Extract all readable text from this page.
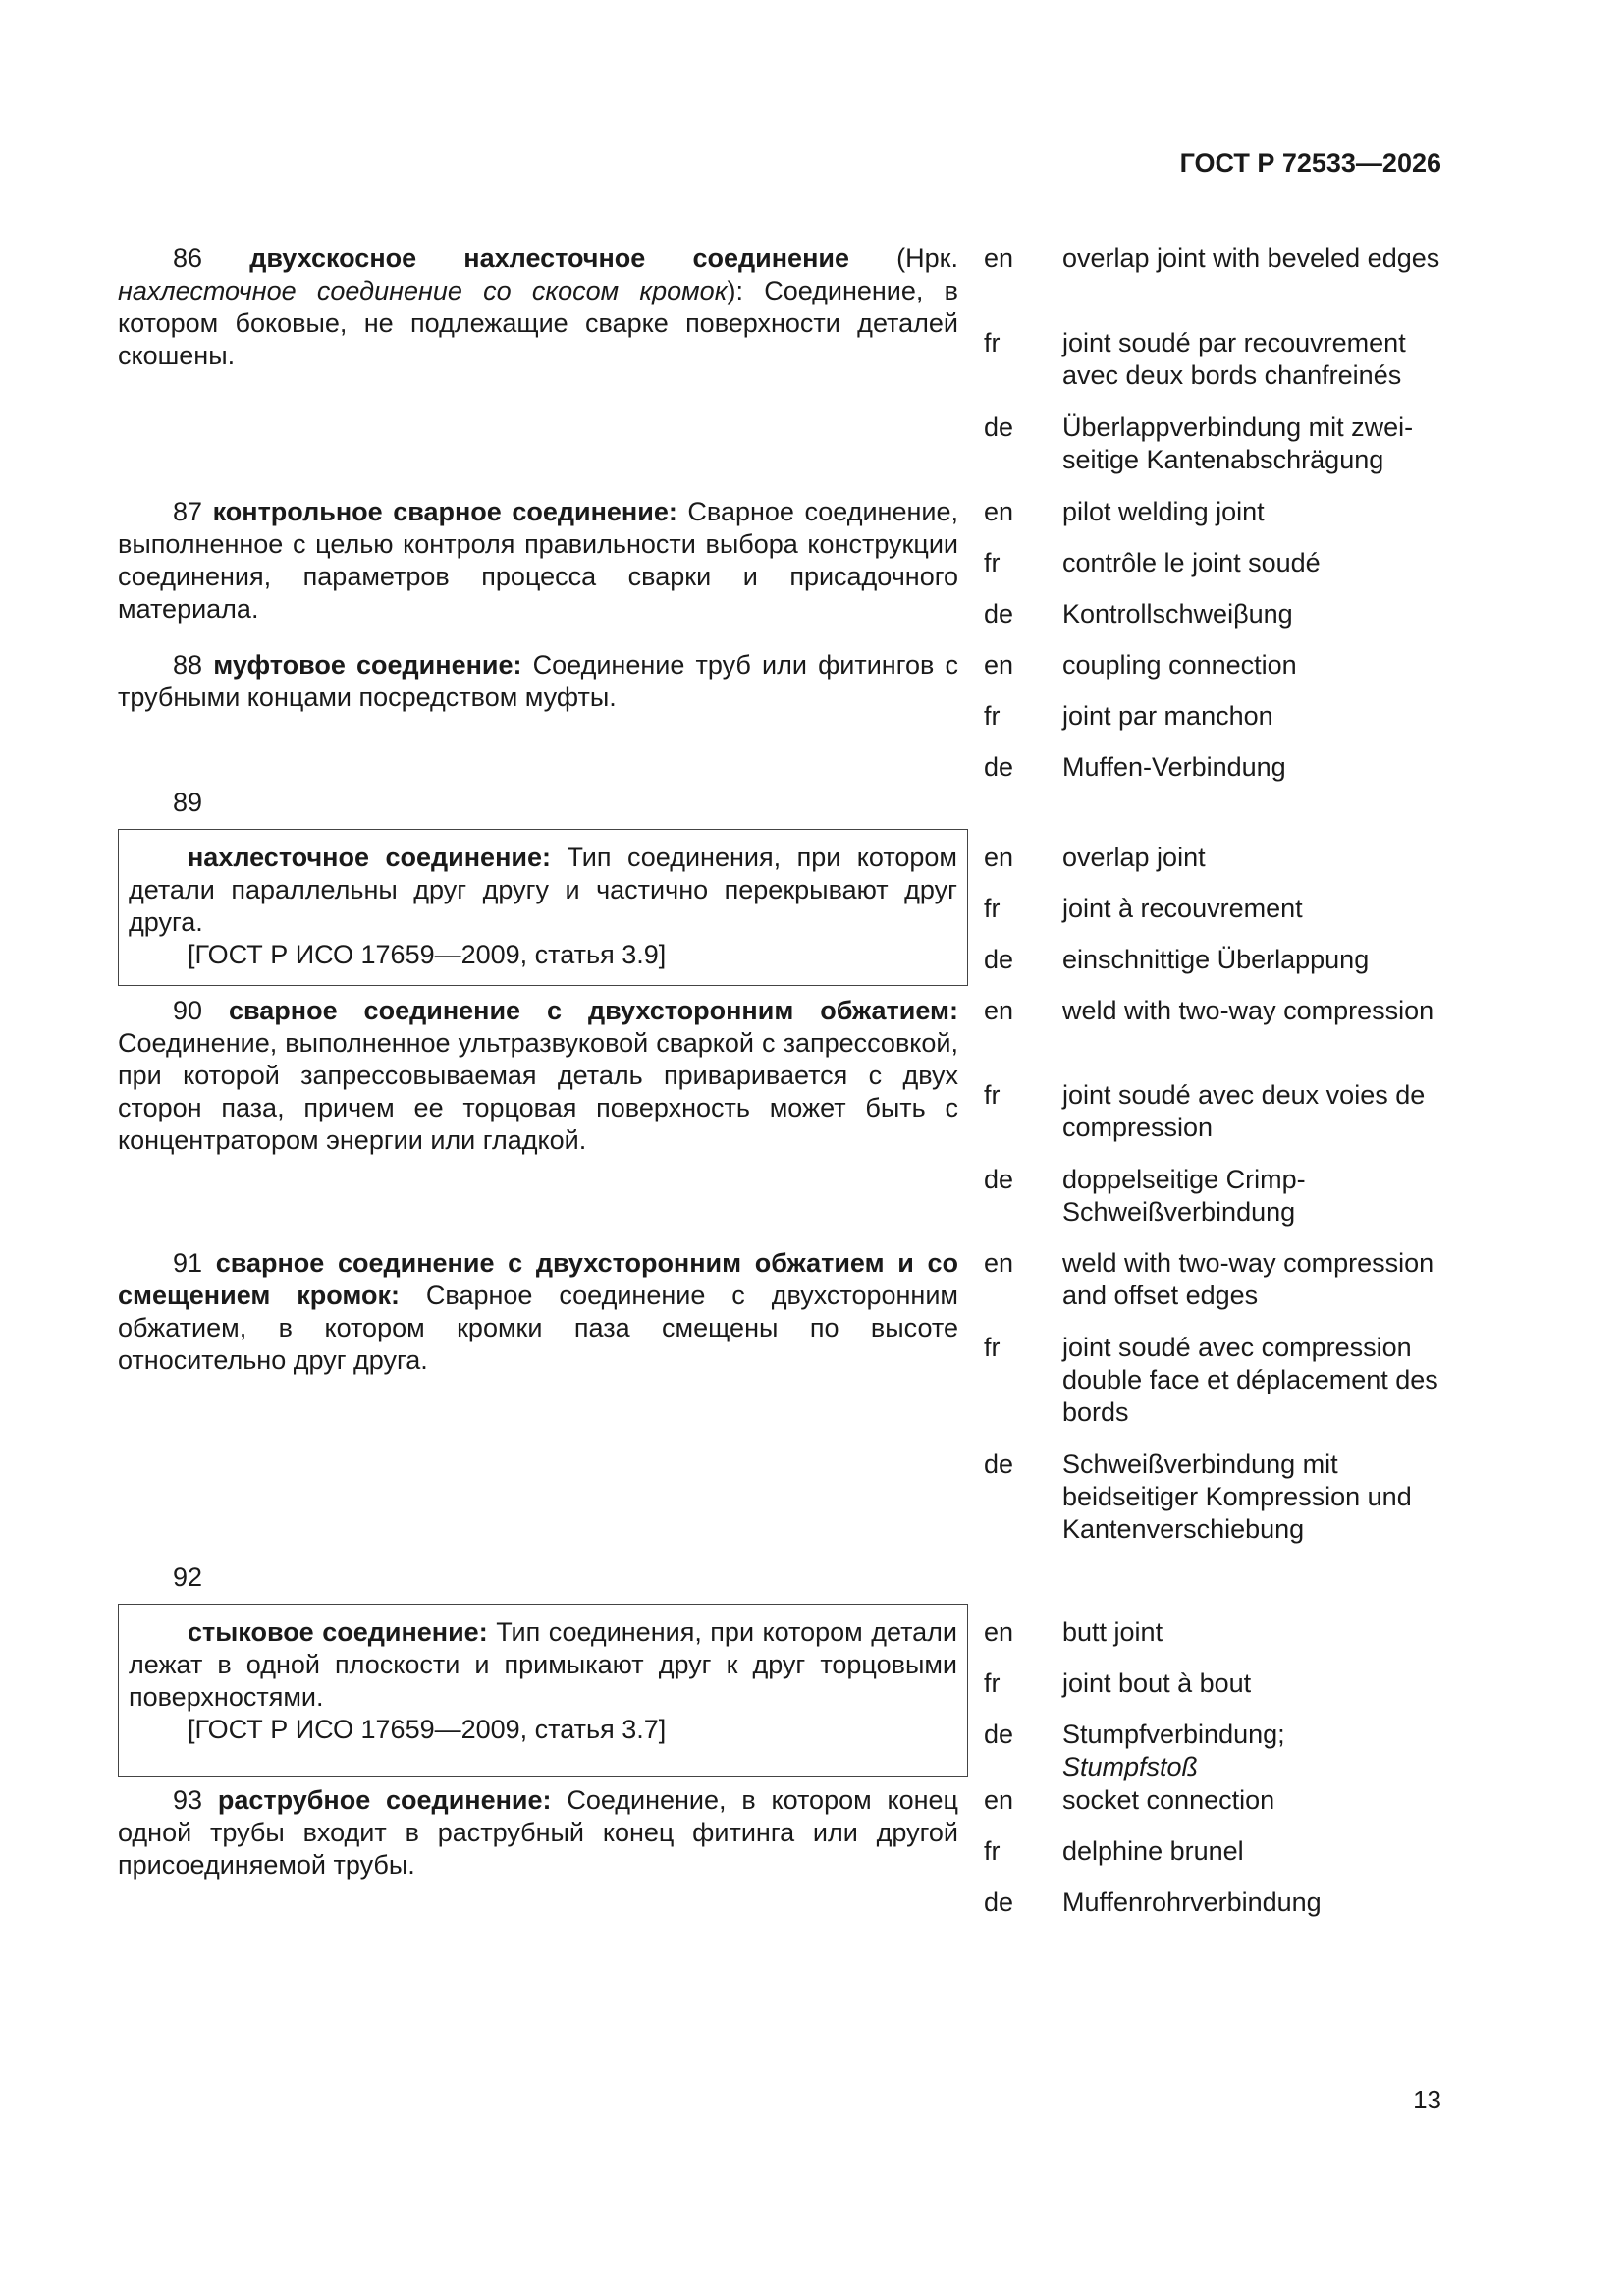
ГОСТ Р 72533—2026

86 двухскосное нахлесточное соединение (Нрк. нахлесточное соединение со скосом кромок): Соединение, в котором боковые, не подлежащие сварке поверхности деталей скошены.

en	overlap joint with beveled edges
fr	joint soudé par recouvrement avec deux bords chanfreinés
de	Überlappverbindung mit zwei-seitige Kantenabschrägung

87 контрольное сварное соединение: Сварное соединение, выполненное с целью контроля правильности выбора конструкции соединения, параметров процесса сварки и присадочного материала.

en	pilot welding joint
fr	contrôle le joint soudé
de	Kontrollschweiβung

88 муфтовое соединение: Соединение труб или фитингов с трубными концами посредством муфты.

en	coupling connection
fr	joint par manchon
de	Muffen-Verbindung
89

нахлесточное соединение: Тип соединения, при котором детали параллельны друг другу и частично перекрывают друг друга.

[ГОСТ Р ИСО 17659—2009, статья 3.9]

en	overlap joint
fr	joint à recouvrement
de	einschnittige Überlappung

90 сварное соединение с двухсторонним обжатием: Соединение, выполненное ультразвуковой сваркой с запрессовкой, при которой запрессовываемая деталь приваривается с двух сторон паза, причем ее торцовая поверхность может быть с концентратором энергии или гладкой.

en	weld with two-way compression
fr	joint soudé avec deux voies de compression
de	doppelseitige Crimp-Schweißverbindung

91 сварное соединение с двухсторонним обжатием и со смещением кромок: Сварное соединение с двухсторонним обжатием, в котором кромки паза смещены по высоте относительно друг друга.

en	weld with two-way compression and offset edges
fr	joint soudé avec compression double face et déplacement des bords
de	Schweißverbindung mit beidseitiger Kompression und Kantenverschiebung
92

стыковое соединение: Тип соединения, при котором детали лежат в одной плоскости и примыкают друг к друг торцовыми поверхностями.

[ГОСТ Р ИСО 17659—2009, статья 3.7]

en	butt joint
fr	joint bout à bout
de	Stumpfverbindung;
Stumpfstoß

93 раструбное соединение: Соединение, в котором конец одной трубы входит в раструбный конец фитинга или другой присоединяемой трубы.

en	socket connection
fr	delphine brunel
de	Muffenrohrverbindung
13
